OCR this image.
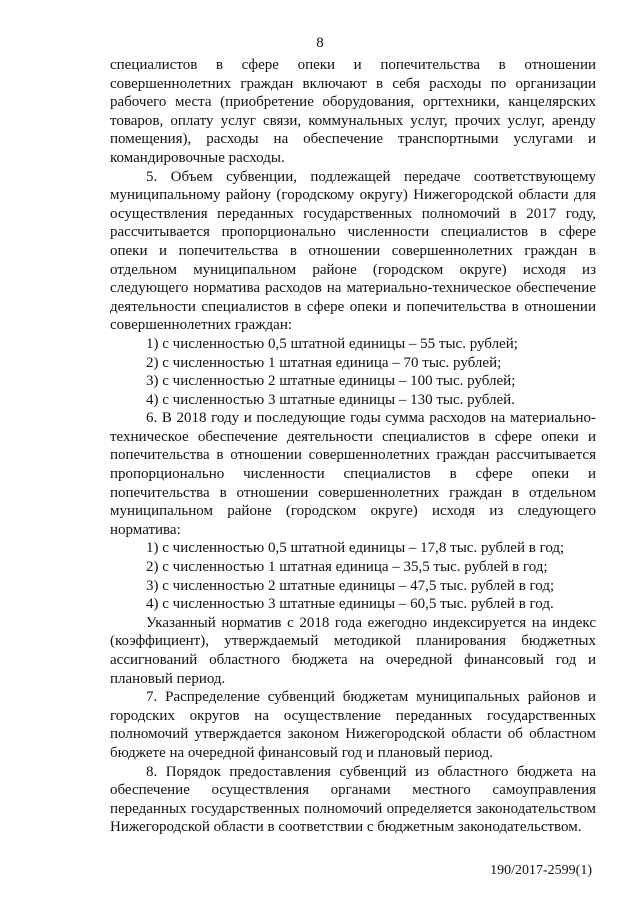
8

специалистов в сфере опеки и попечительства в отношении совершеннолетних граждан включают в себя расходы по организации рабочего места (приобретение оборудования, оргтехники, канцелярских товаров, оплату услуг связи, коммунальных услуг, прочих услуг, аренду помещения), расходы на обеспечение транспортными услугами и командировочные расходы.

5. Объем субвенции, подлежащей передаче соответствующему муниципальному району (городскому округу) Нижегородской области для осуществления переданных государственных полномочий в 2017 году, рассчитывается пропорционально численности специалистов в сфере опеки и попечительства в отношении совершеннолетних граждан в отдельном муниципальном районе (городском округе) исходя из следующего норматива расходов на материально-техническое обеспечение деятельности специалистов в сфере опеки и попечительства в отношении совершеннолетних граждан:

1) с численностью 0,5 штатной единицы – 55 тыс. рублей;

2) с численностью 1 штатная единица – 70 тыс. рублей;

3) с численностью 2 штатные единицы – 100 тыс. рублей;

4) с численностью 3 штатные единицы – 130 тыс. рублей.

6. В 2018 году и последующие годы сумма расходов на материально-техническое обеспечение деятельности специалистов в сфере опеки и попечительства в отношении совершеннолетних граждан рассчитывается пропорционально численности специалистов в сфере опеки и попечительства в отношении совершеннолетних граждан в отдельном муниципальном районе (городском округе) исходя из следующего норматива:

1) с численностью 0,5 штатной единицы – 17,8 тыс. рублей в год;

2) с численностью 1 штатная единица – 35,5 тыс. рублей в год;

3) с численностью 2 штатные единицы – 47,5 тыс. рублей в год;

4) с численностью 3 штатные единицы – 60,5 тыс. рублей в год.

Указанный норматив с 2018 года ежегодно индексируется на индекс (коэффициент), утверждаемый методикой планирования бюджетных ассигнований областного бюджета на очередной финансовый год и плановый период.

7. Распределение субвенций бюджетам муниципальных районов и городских округов на осуществление переданных государственных полномочий утверждается законом Нижегородской области об областном бюджете на очередной финансовый год и плановый период.

8. Порядок предоставления субвенций из областного бюджета на обеспечение осуществления органами местного самоуправления переданных государственных полномочий определяется законодательством Нижегородской области в соответствии с бюджетным законодательством.

190/2017-2599(1)
